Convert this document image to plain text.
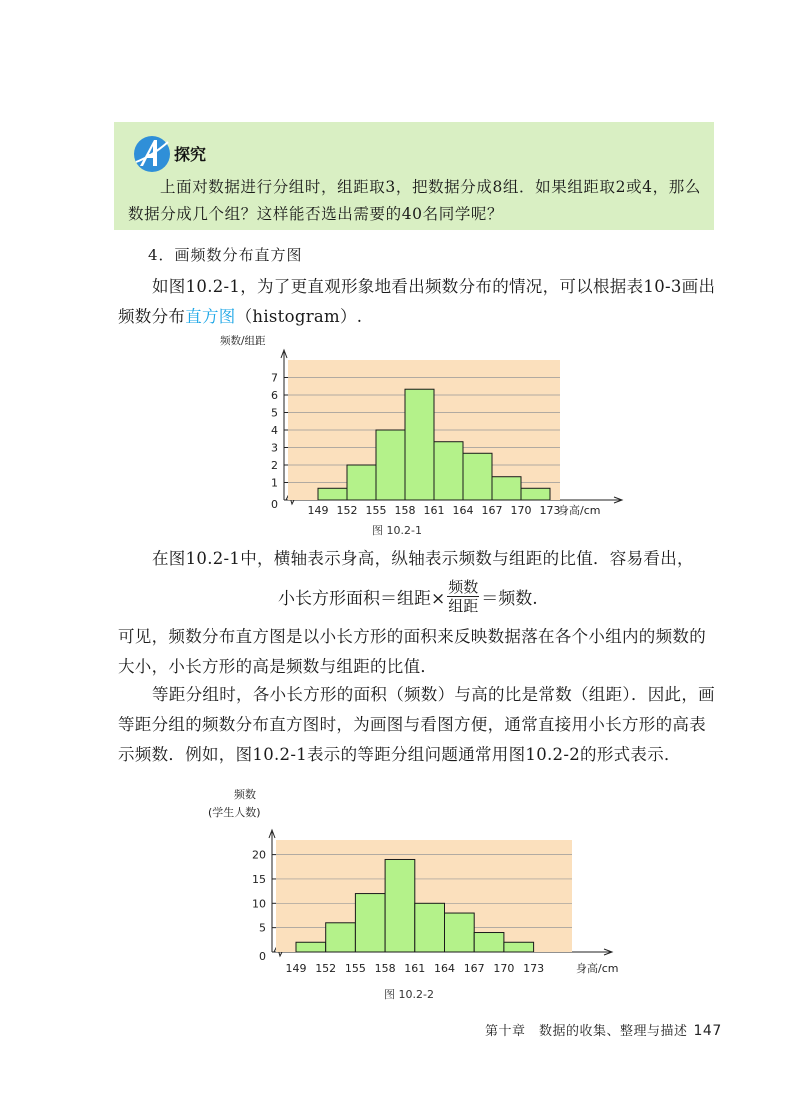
探究
上面对数据进行分组时，组距取3，把数据分成8组．如果组距取2或4，那么数据分成几个组？这样能否选出需要的40名同学呢？
4．画频数分布直方图
如图10.2-1，为了更直观形象地看出频数分布的情况，可以根据表10-3画出频数分布直方图（histogram）.
频数/组距
1
2
3
4
5
6
7
0	149 152 155 158 161 164 167 170 173
身高/cm
图 10.2-1
在图10.2-1中，横轴表示身高，纵轴表示频数与组距的比值．容易看出，
小长方形面积＝组距× $\frac{\text{频数}}{\text{组距}}$ ＝频数.
可见，频数分布直方图是以小长方形的面积来反映数据落在各个小组内的频数的大小，小长方形的高是频数与组距的比值．
等距分组时，各小长方形的面积（频数）与高的比是常数（组距）．因此，画等距分组的频数分布直方图时，为画图与看图方便，通常直接用小长方形的高表示频数．例如，图10.2-1表示的等距分组问题通常用图10.2-2的形式表示．
频数
(学生人数)
5
10
15
20
0
149 152 155 158 161 164 167 170 173	身高/cm
图 10.2-2
第十章　数据的收集、整理与描述 147
